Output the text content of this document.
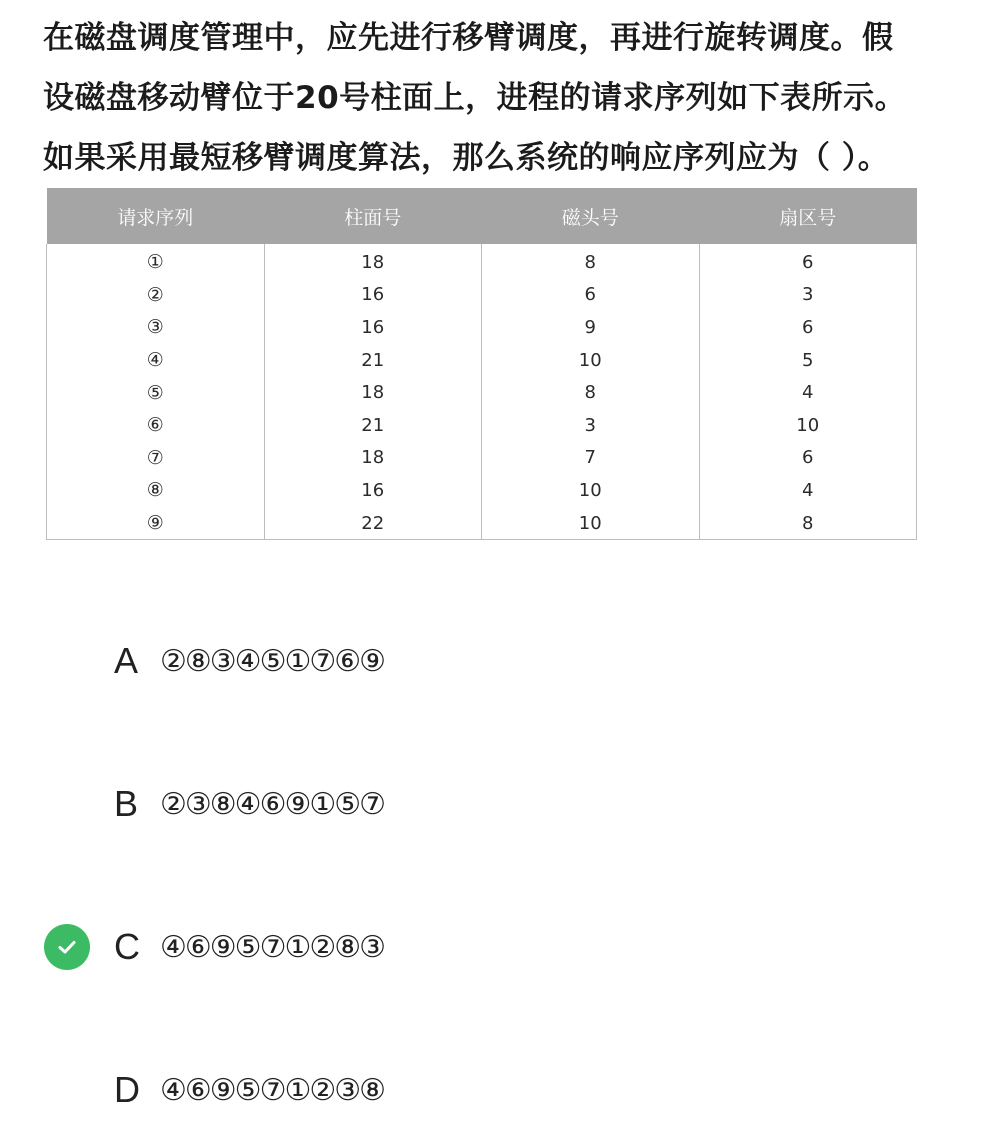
在磁盘调度管理中，应先进行移臂调度，再进行旋转调度。假
设磁盘移动臂位于20号柱面上，进程的请求序列如下表所示。
如果采用最短移臂调度算法，那么系统的响应序列应为（ ）。
请求序列	柱面号	磁头号	扇区号
①	18	8	6
②	16	6	3
③	16	9	6
④	21	10	5
⑤	18	8	4
⑥	21	3	10
⑦	18	7	6
⑧	16	10	4
⑨	22	10	8
A ②⑧③④⑤①⑦⑥⑨
B ②③⑧④⑥⑨①⑤⑦
C ④⑥⑨⑤⑦①②⑧③
D ④⑥⑨⑤⑦①②③⑧
